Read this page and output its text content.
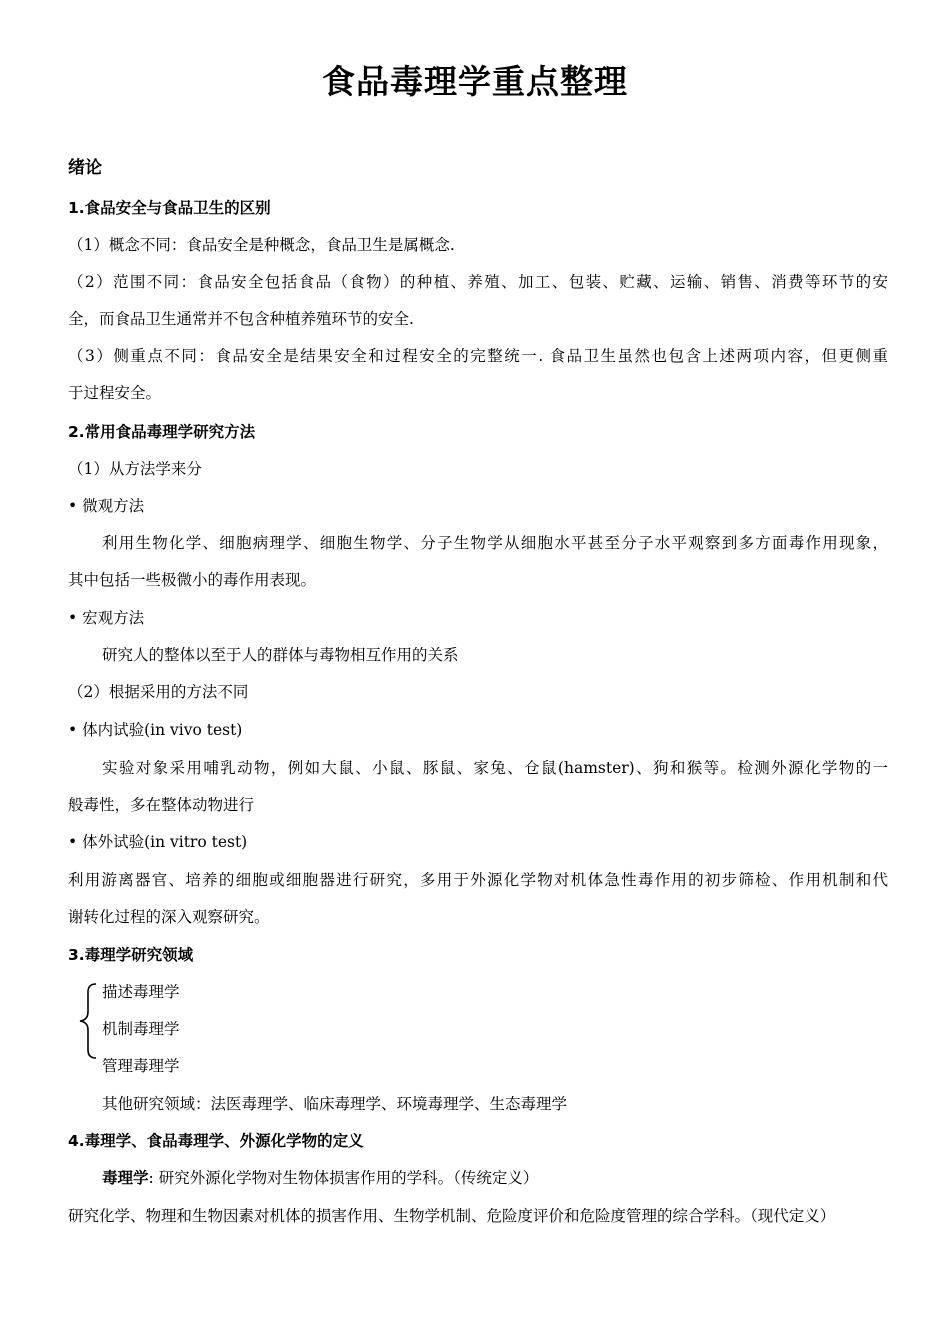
食品毒理学重点整理
绪论
1.食品安全与食品卫生的区别
（1）概念不同：食品安全是种概念，食品卫生是属概念.
（2）范围不同：食品安全包括食品（食物）的种植、养殖、加工、包装、贮藏、运输、销售、消费等环节的安
全，而食品卫生通常并不包含种植养殖环节的安全.
（3）侧重点不同：食品安全是结果安全和过程安全的完整统一. 食品卫生虽然也包含上述两项内容，但更侧重
于过程安全。
2.常用食品毒理学研究方法
（1）从方法学来分
• 微观方法
利用生物化学、细胞病理学、细胞生物学、分子生物学从细胞水平甚至分子水平观察到多方面毒作用现象，
其中包括一些极微小的毒作用表现。
• 宏观方法
研究人的整体以至于人的群体与毒物相互作用的关系
（2）根据采用的方法不同
• 体内试验(in vivo test)
实验对象采用哺乳动物，例如大鼠、小鼠、豚鼠、家兔、仓鼠(hamster)、狗和猴等。检测外源化学物的一
般毒性，多在整体动物进行
• 体外试验(in vitro test)
利用游离器官、培养的细胞或细胞器进行研究，多用于外源化学物对机体急性毒作用的初步筛检、作用机制和代
谢转化过程的深入观察研究。
3.毒理学研究领域
描述毒理学
机制毒理学
管理毒理学
其他研究领域：法医毒理学、临床毒理学、环境毒理学、生态毒理学
4.毒理学、食品毒理学、外源化学物的定义
毒理学: 研究外源化学物对生物体损害作用的学科。（传统定义）
研究化学、物理和生物因素对机体的损害作用、生物学机制、危险度评价和危险度管理的综合学科。（现代定义）
